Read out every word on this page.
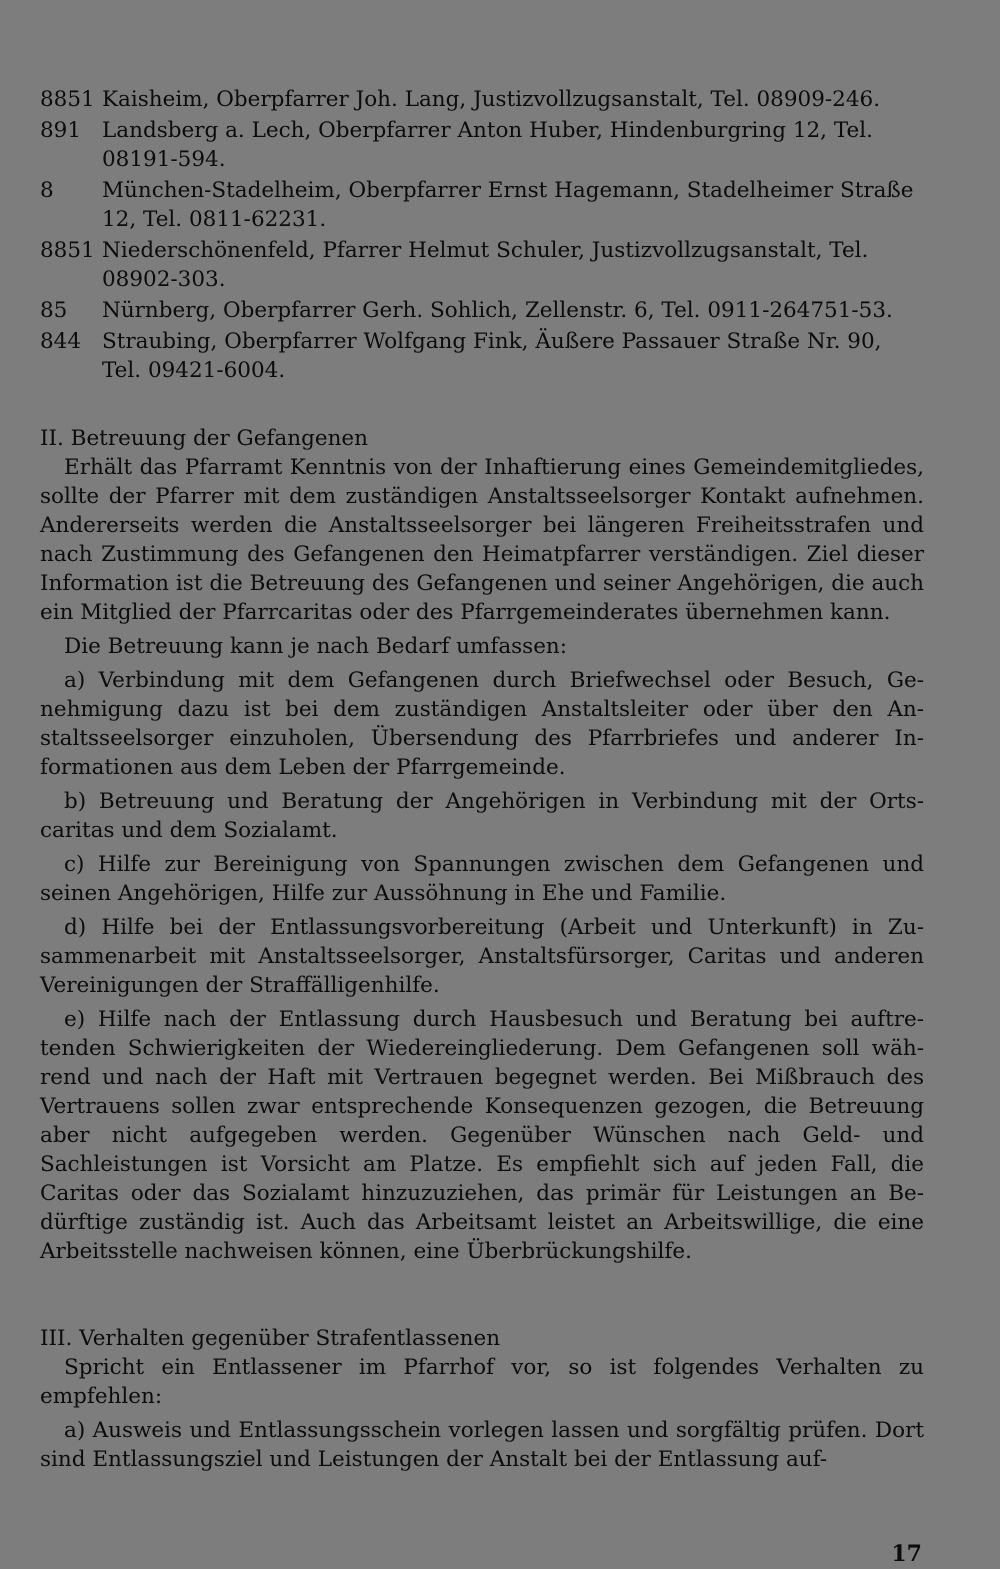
8851 Kaisheim, Oberpfarrer Joh. Lang, Justizvollzugsanstalt, Tel. 08909-246.
891 Landsberg a. Lech, Oberpfarrer Anton Huber, Hindenburgring 12, Tel. 08191-594.
8	München-Stadelheim, Oberpfarrer Ernst Hagemann, Stadelheimer Straße 12, Tel. 0811-62231.
8851 Niederschönenfeld, Pfarrer Helmut Schuler, Justizvollzugsanstalt, Tel. 08902-303.
85	Nürnberg, Oberpfarrer Gerh. Sohlich, Zellenstr. 6, Tel. 0911-264751-53.
844 Straubing, Oberpfarrer Wolfgang Fink, Äußere Passauer Straße Nr. 90, Tel. 09421-6004.
II. Betreuung der Gefangenen

Erhält das Pfarramt Kenntnis von der Inhaftierung eines Gemeindemitgliedes, sollte der Pfarrer mit dem zuständigen Anstaltsseelsorger Kontakt aufnehmen. Andererseits werden die Anstaltsseelsorger bei längeren Freiheitsstrafen und nach Zustimmung des Gefangenen den Heimatpfarrer verständigen. Ziel dieser Information ist die Betreuung des Gefangenen und seiner Angehörigen, die auch ein Mitglied der Pfarrcaritas oder des Pfarrgemeinderates übernehmen kann.

Die Betreuung kann je nach Bedarf umfassen:

a) Verbindung mit dem Gefangenen durch Briefwechsel oder Besuch, Genehmigung dazu ist bei dem zuständigen Anstaltsleiter oder über den Anstaltsseelsorger einzuholen, Übersendung des Pfarrbriefes und anderer Informationen aus dem Leben der Pfarrgemeinde.

b) Betreuung und Beratung der Angehörigen in Verbindung mit der Ortscaritas und dem Sozialamt.

c) Hilfe zur Bereinigung von Spannungen zwischen dem Gefangenen und seinen Angehörigen, Hilfe zur Aussöhnung in Ehe und Familie.

d) Hilfe bei der Entlassungsvorbereitung (Arbeit und Unterkunft) in Zusammenarbeit mit Anstaltsseelsorger, Anstaltsfürsorger, Caritas und anderen Vereinigungen der Straffälligenhilfe.

e) Hilfe nach der Entlassung durch Hausbesuch und Beratung bei auftretenden Schwierigkeiten der Wiedereingliederung. Dem Gefangenen soll während und nach der Haft mit Vertrauen begegnet werden. Bei Mißbrauch des Vertrauens sollen zwar entsprechende Konsequenzen gezogen, die Betreuung aber nicht aufgegeben werden. Gegenüber Wünschen nach Geld- und Sachleistungen ist Vorsicht am Platze. Es empfiehlt sich auf jeden Fall, die Caritas oder das Sozialamt hinzuzuziehen, das primär für Leistungen an Bedürftige zuständig ist. Auch das Arbeitsamt leistet an Arbeitswillige, die eine Arbeitsstelle nachweisen können, eine Überbrückungshilfe.

III. Verhalten gegenüber Strafentlassenen

Spricht ein Entlassener im Pfarrhof vor, so ist folgendes Verhalten zu empfehlen:

a) Ausweis und Entlassungsschein vorlegen lassen und sorgfältig prüfen. Dort sind Entlassungsziel und Leistungen der Anstalt bei der Entlassung auf-

17
